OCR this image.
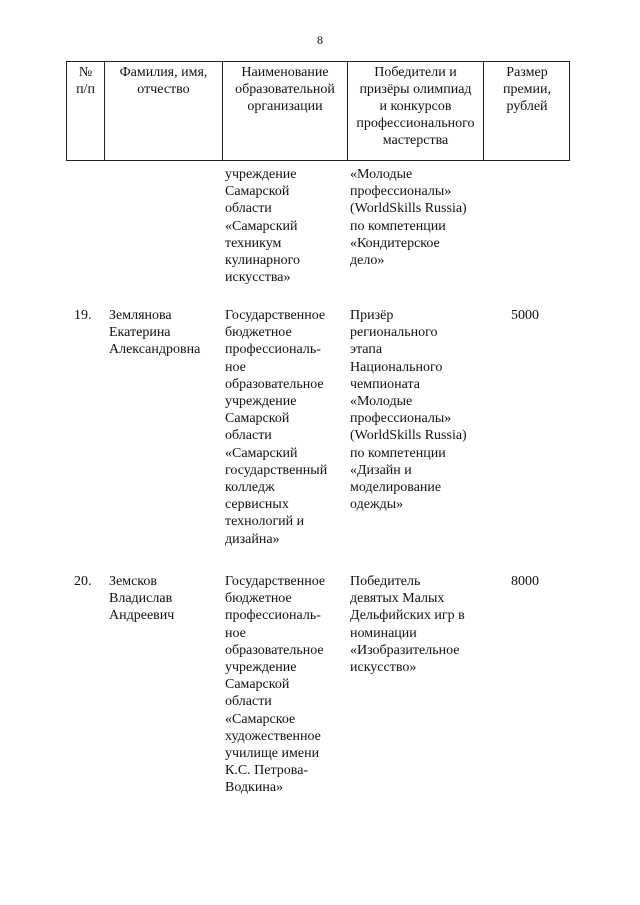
8
№
п/п
Фамилия, имя,
отчество
Наименование
образовательной
организации
Победители и
призёры олимпиад
и конкурсов
профессионального
мастерства
Размер
премии,
рублей
учреждение
Самарской
области
«Самарский
техникум
кулинарного
искусства»
«Молодые
профессионалы»
(WorldSkills Russia)
по компетенции
«Кондитерское
дело»
19.	Землянова
Екатерина
Александровна
Государственное
бюджетное
профессиональ-
ное
образовательное
учреждение
Самарской
области
«Самарский
государственный
колледж
сервисных
технологий и
дизайна»
Призёр
регионального
этапа
Национального
чемпионата
«Молодые
профессионалы»
(WorldSkills Russia)
по компетенции
«Дизайн и
моделирование
одежды»
5000
20.	Земсков
Владислав
Андреевич
Государственное
бюджетное
профессиональ-
ное
образовательное
учреждение
Самарской
области
«Самарское
художественное
училище имени
К.С. Петрова-
Водкина»
Победитель
девятых Малых
Дельфийских игр в
номинации
«Изобразительное
искусство»
8000
